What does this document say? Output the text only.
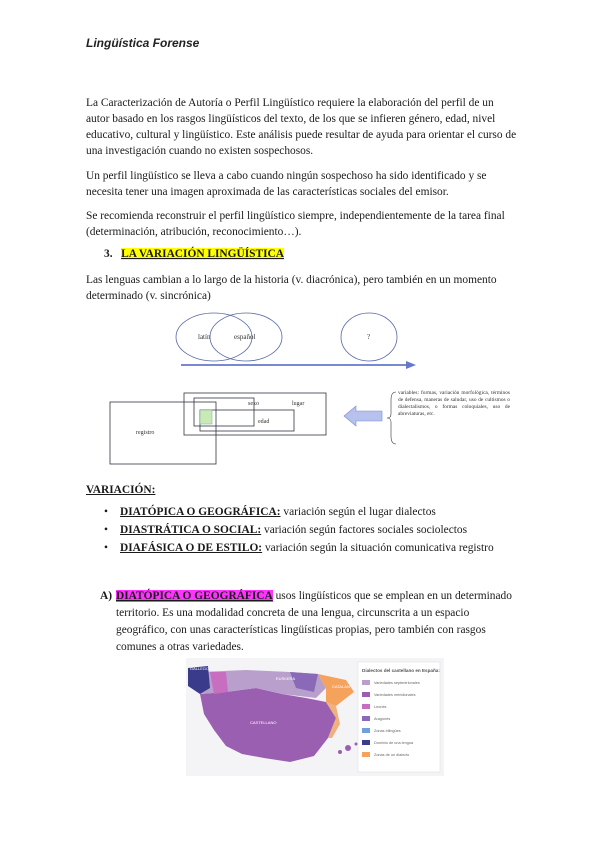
Lingüística Forense

La Caracterización de Autoría o Perfil Lingüístico requiere la elaboración del perfil de un autor basado en los rasgos lingüísticos del texto, de los que se infieren género, edad, nivel educativo, cultural y lingüístico. Este análisis puede resultar de ayuda para orientar el curso de una investigación cuando no existen sospechosos.

Un perfil lingüístico se lleva a cabo cuando ningún sospechoso ha sido identificado y se necesita tener una imagen aproximada de las características sociales del emisor.

Se recomienda reconstruir el perfil lingüístico siempre, independientemente de la tarea final (determinación, atribución, reconocimiento…).

3. LA VARIACIÓN LINGÜÍSTICA

Las lenguas cambian a lo largo de la historia (v. diacrónica), pero también en un momento determinado (v. sincrónica)

latín	español	?
sexo	lugar
edad
registro
variables: formas, variación morfológica, términos de defensa, maneras de saludar, uso de cultismos o dialectalismos, o formas coloquiales, uso de abreviaturas, etc.
VARIACIÓN:
• DIATÓPICA O GEOGRÁFICA: variación según el lugar dialectos
• DIASTRÁTICA O SOCIAL: variación según factores sociales sociolectos
• DIAFÁSICA O DE ESTILO: variación según la situación comunicativa registro
A) DIATÓPICA O GEOGRÁFICA usos lingüísticos que se emplean en un determinado territorio. Es una modalidad concreta de una lengua, circunscrita a un espacio geográfico, con unas características lingüísticas propias, pero también con rasgos comunes a otras variedades.
GALLEGO
CATALÁN
CASTELLANO
EUSKERA
Dialectos del castellano en España:
Variedades septentrionales
Variedades meridionales
Leonés
Aragonés
Zonas bilingües
Dominio de una lengua
Zonas de un dialecto
